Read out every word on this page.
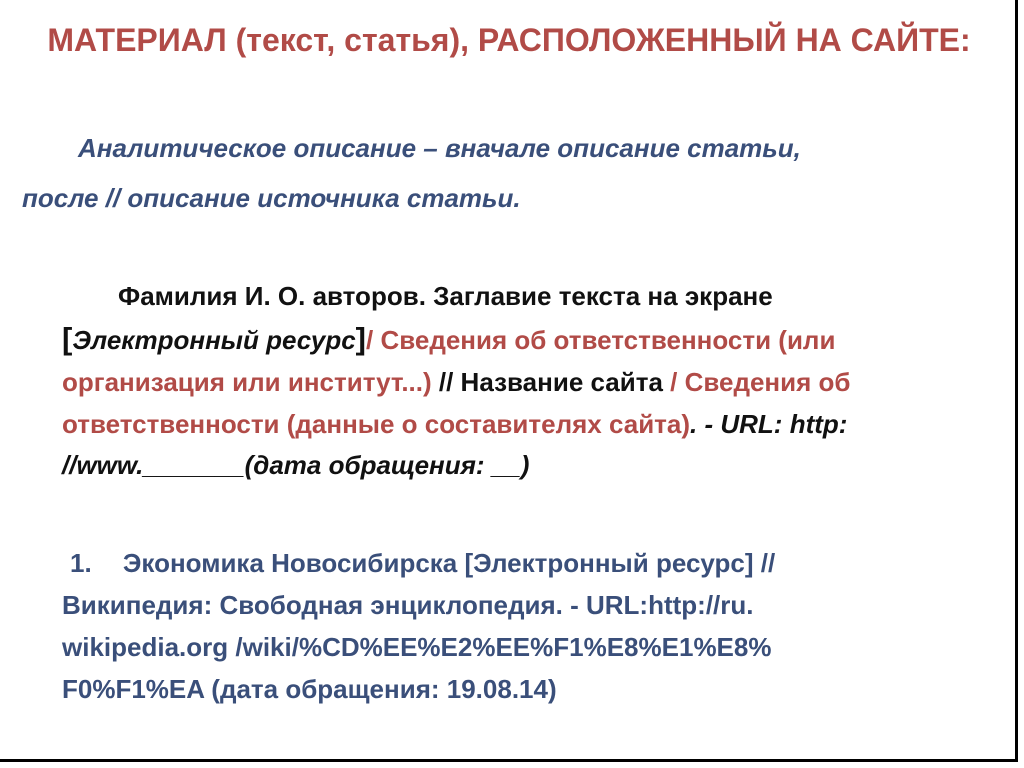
МАТЕРИАЛ (текст, статья), РАСПОЛОЖЕННЫЙ НА САЙТЕ:
Аналитическое описание – вначале описание статьи,
после // описание источника статьи.
Фамилия И. О. авторов. Заглавие текста на экране
[Электронный ресурс]/ Сведения об ответственности (или
организация или институт...) // Название сайта / Сведения об
ответственности (данные о составителях сайта). - URL: http:
//www._______(дата обращения: __)
1. Экономика Новосибирска [Электронный ресурс] //
Википедия: Свободная энциклопедия. - URL:http://ru.
wikipedia.org /wiki/%CD%EE%E2%EE%F1%E8%E1%E8%
F0%F1%EA (дата обращения: 19.08.14)
